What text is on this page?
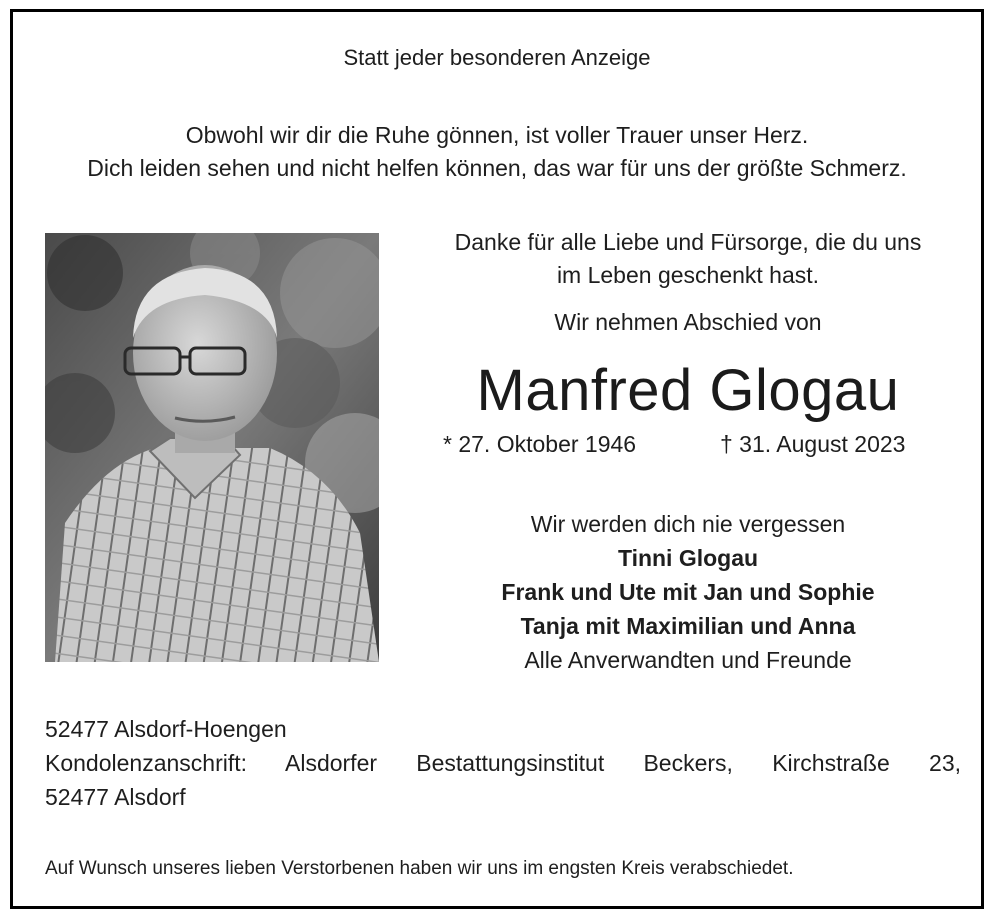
Statt jeder besonderen Anzeige

Obwohl wir dir die Ruhe gönnen, ist voller Trauer unser Herz.
Dich leiden sehen und nicht helfen können, das war für uns der größte Schmerz.
Danke für alle Liebe und Fürsorge, die du uns
im Leben geschenkt hast.

Wir nehmen Abschied von

Manfred Glogau

* 27. Oktober 1946	† 31. August 2023

Wir werden dich nie vergessen
Tinni Glogau
Frank und Ute mit Jan und Sophie
Tanja mit Maximilian und Anna
Alle Anverwandten und Freunde
52477 Alsdorf-Hoengen
Kondolenzanschrift: Alsdorfer Bestattungsinstitut Beckers, Kirchstraße 23,
52477 Alsdorf

Auf Wunsch unseres lieben Verstorbenen haben wir uns im engsten Kreis verabschiedet.
